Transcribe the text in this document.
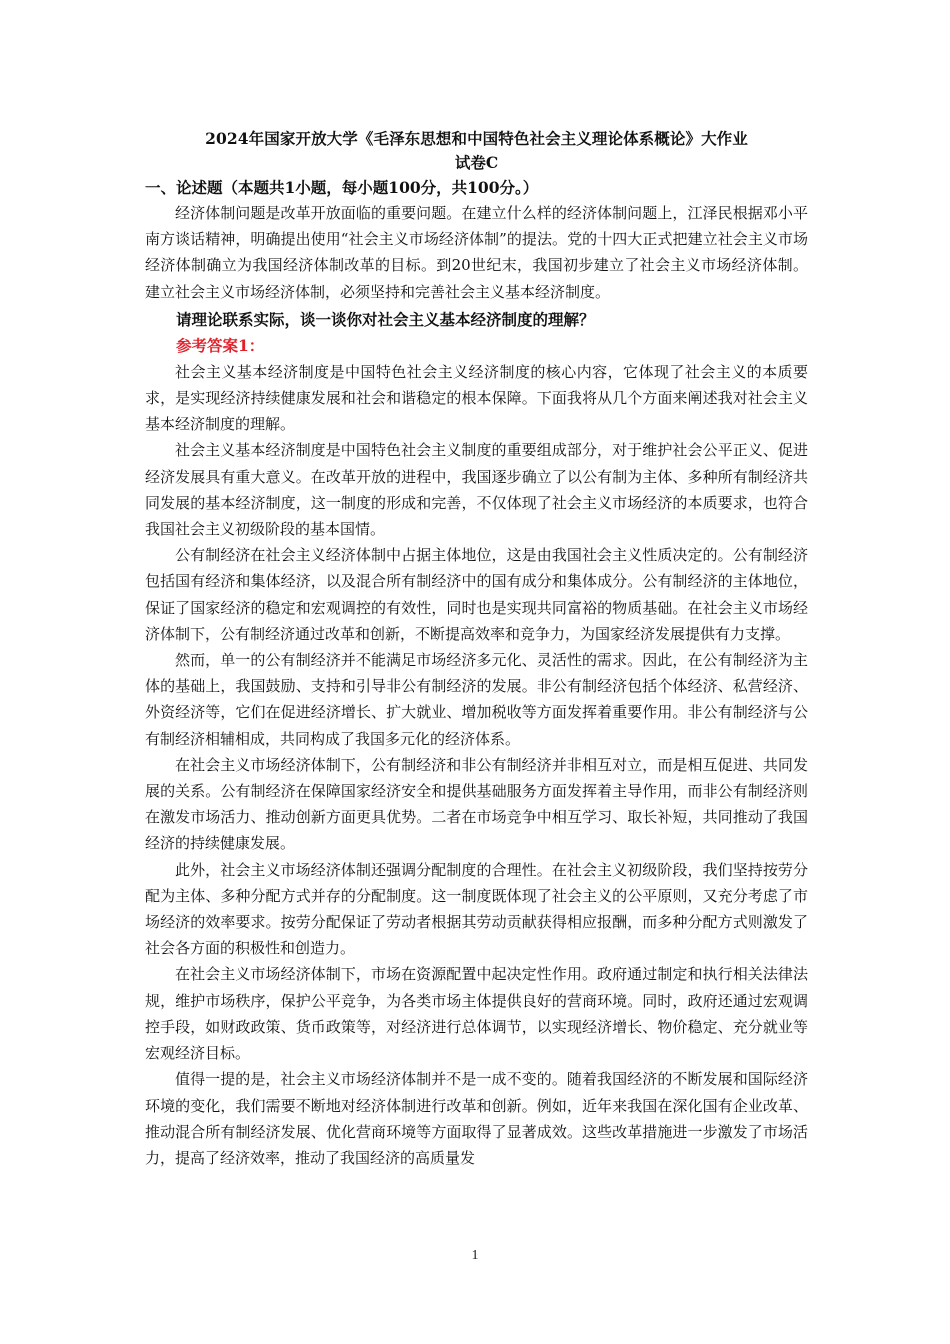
2024年国家开放大学《毛泽东思想和中国特色社会主义理论体系概论》大作业
试卷C
一、论述题（本题共1小题，每小题100分，共100分。）

经济体制问题是改革开放面临的重要问题。在建立什么样的经济体制问题上，江泽民根据邓小平南方谈话精神，明确提出使用“社会主义市场经济体制”的提法。党的十四大正式把建立社会主义市场经济体制确立为我国经济体制改革的目标。到20世纪末，我国初步建立了社会主义市场经济体制。建立社会主义市场经济体制，必须坚持和完善社会主义基本经济制度。

请理论联系实际，谈一谈你对社会主义基本经济制度的理解？
参考答案1：

社会主义基本经济制度是中国特色社会主义经济制度的核心内容，它体现了社会主义的本质要求，是实现经济持续健康发展和社会和谐稳定的根本保障。下面我将从几个方面来阐述我对社会主义基本经济制度的理解。

社会主义基本经济制度是中国特色社会主义制度的重要组成部分，对于维护社会公平正义、促进经济发展具有重大意义。在改革开放的进程中，我国逐步确立了以公有制为主体、多种所有制经济共同发展的基本经济制度，这一制度的形成和完善，不仅体现了社会主义市场经济的本质要求，也符合我国社会主义初级阶段的基本国情。

公有制经济在社会主义经济体制中占据主体地位，这是由我国社会主义性质决定的。公有制经济包括国有经济和集体经济，以及混合所有制经济中的国有成分和集体成分。公有制经济的主体地位，保证了国家经济的稳定和宏观调控的有效性，同时也是实现共同富裕的物质基础。在社会主义市场经济体制下，公有制经济通过改革和创新，不断提高效率和竞争力，为国家经济发展提供有力支撑。

然而，单一的公有制经济并不能满足市场经济多元化、灵活性的需求。因此，在公有制经济为主体的基础上，我国鼓励、支持和引导非公有制经济的发展。非公有制经济包括个体经济、私营经济、外资经济等，它们在促进经济增长、扩大就业、增加税收等方面发挥着重要作用。非公有制经济与公有制经济相辅相成，共同构成了我国多元化的经济体系。

在社会主义市场经济体制下，公有制经济和非公有制经济并非相互对立，而是相互促进、共同发展的关系。公有制经济在保障国家经济安全和提供基础服务方面发挥着主导作用，而非公有制经济则在激发市场活力、推动创新方面更具优势。二者在市场竞争中相互学习、取长补短，共同推动了我国经济的持续健康发展。

此外，社会主义市场经济体制还强调分配制度的合理性。在社会主义初级阶段，我们坚持按劳分配为主体、多种分配方式并存的分配制度。这一制度既体现了社会主义的公平原则，又充分考虑了市场经济的效率要求。按劳分配保证了劳动者根据其劳动贡献获得相应报酬，而多种分配方式则激发了社会各方面的积极性和创造力。

在社会主义市场经济体制下，市场在资源配置中起决定性作用。政府通过制定和执行相关法律法规，维护市场秩序，保护公平竞争，为各类市场主体提供良好的营商环境。同时，政府还通过宏观调控手段，如财政政策、货币政策等，对经济进行总体调节，以实现经济增长、物价稳定、充分就业等宏观经济目标。

值得一提的是，社会主义市场经济体制并不是一成不变的。随着我国经济的不断发展和国际经济环境的变化，我们需要不断地对经济体制进行改革和创新。例如，近年来我国在深化国有企业改革、推动混合所有制经济发展、优化营商环境等方面取得了显著成效。这些改革措施进一步激发了市场活力，提高了经济效率，推动了我国经济的高质量发

1
